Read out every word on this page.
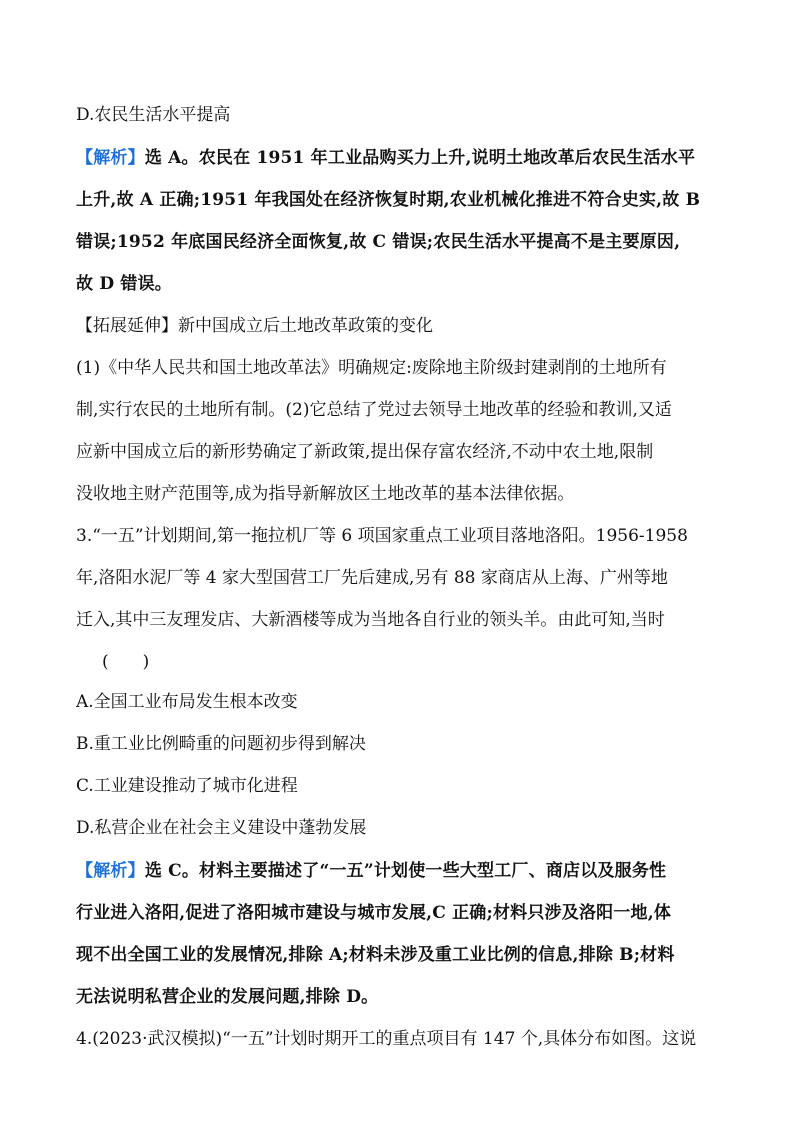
D.农民生活水平提高
【解析】选 A。农民在 1951 年工业品购买力上升,说明土地改革后农民生活水平
上升,故 A 正确;1951 年我国处在经济恢复时期,农业机械化推进不符合史实,故 B
错误;1952 年底国民经济全面恢复,故 C 错误;农民生活水平提高不是主要原因,
故 D 错误。
【拓展延伸】新中国成立后土地改革政策的变化
(1)《中华人民共和国土地改革法》明确规定:废除地主阶级封建剥削的土地所有
制,实行农民的土地所有制。(2)它总结了党过去领导土地改革的经验和教训,又适
应新中国成立后的新形势确定了新政策,提出保存富农经济,不动中农土地,限制
没收地主财产范围等,成为指导新解放区土地改革的基本法律依据。
3.“一五”计划期间,第一拖拉机厂等 6 项国家重点工业项目落地洛阳。1956-1958
年,洛阳水泥厂等 4 家大型国营工厂先后建成,另有 88 家商店从上海、广州等地
迁入,其中三友理发店、大新酒楼等成为当地各自行业的领头羊。由此可知,当时
(　　)
A.全国工业布局发生根本改变
B.重工业比例畸重的问题初步得到解决
C.工业建设推动了城市化进程
D.私营企业在社会主义建设中蓬勃发展
【解析】选 C。材料主要描述了“一五”计划使一些大型工厂、商店以及服务性
行业进入洛阳,促进了洛阳城市建设与城市发展,C 正确;材料只涉及洛阳一地,体
现不出全国工业的发展情况,排除 A;材料未涉及重工业比例的信息,排除 B;材料
无法说明私营企业的发展问题,排除 D。
4.(2023·武汉模拟)“一五”计划时期开工的重点项目有 147 个,具体分布如图。这说
